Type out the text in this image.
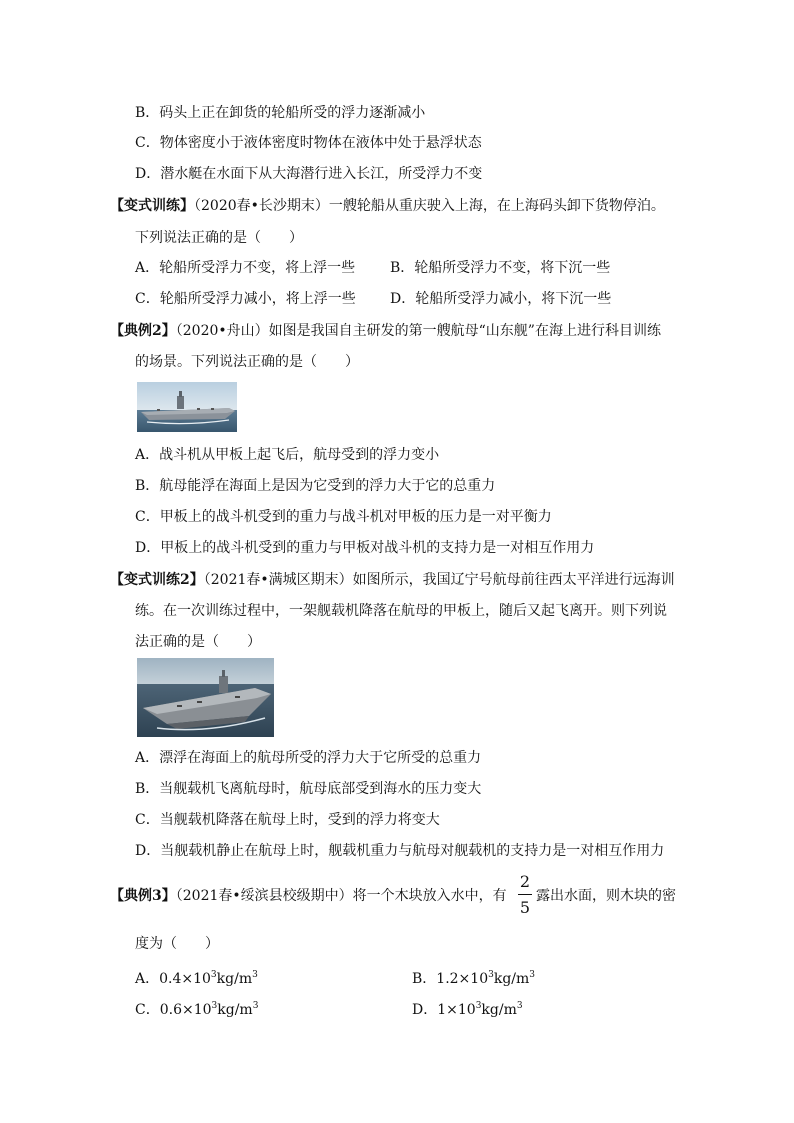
B．码头上正在卸货的轮船所受的浮力逐渐减小
C．物体密度小于液体密度时物体在液体中处于悬浮状态
D．潜水艇在水面下从大海潜行进入长江，所受浮力不变
【变式训练】（2020春•长沙期末）一艘轮船从重庆驶入上海，在上海码头卸下货物停泊。
下列说法正确的是（　　）
A．轮船所受浮力不变，将上浮一些 B．轮船所受浮力不变，将下沉一些
C．轮船所受浮力减小，将上浮一些 D．轮船所受浮力减小，将下沉一些
【典例2】（2020•舟山）如图是我国自主研发的第一艘航母“山东舰”在海上进行科目训练
的场景。下列说法正确的是（　　）
A．战斗机从甲板上起飞后，航母受到的浮力变小
B．航母能浮在海面上是因为它受到的浮力大于它的总重力
C．甲板上的战斗机受到的重力与战斗机对甲板的压力是一对平衡力
D．甲板上的战斗机受到的重力与甲板对战斗机的支持力是一对相互作用力
【变式训练2】（2021春•满城区期末）如图所示，我国辽宁号航母前往西太平洋进行远海训
练。在一次训练过程中，一架舰载机降落在航母的甲板上，随后又起飞离开。则下列说
法正确的是（　　）
A．漂浮在海面上的航母所受的浮力大于它所受的总重力
B．当舰载机飞离航母时，航母底部受到海水的压力变大
C．当舰载机降落在航母上时，受到的浮力将变大
D．当舰载机静止在航母上时，舰载机重力与航母对舰载机的支持力是一对相互作用力
【典例3】（2021春•绥滨县校级期中）将一个木块放入水中，有
2
5
露出水面，则木块的密
度为（　　）
A．$0.4\times 10^3kg/m^3$	B．$1.2\times 10^3kg/m^3$
C．$0.6\times 10^3kg/m^3$	D．$1\times 10^3kg/m^3$
